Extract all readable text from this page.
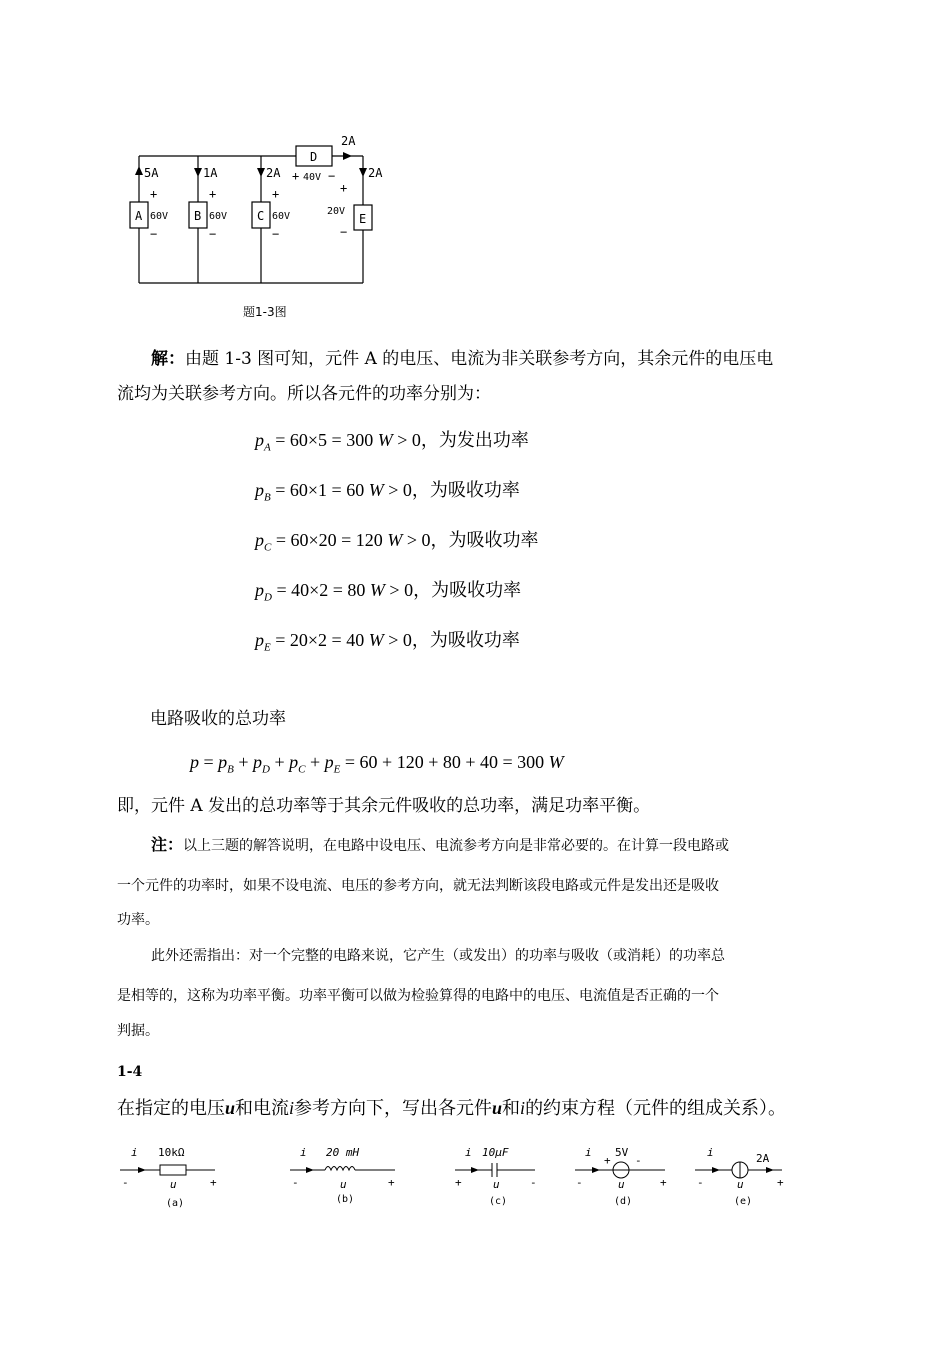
A	B	C
D
E
5A	1A	2A
2A
2A
60V	60V	60V
40V
20V
+	+	+
+
+
−	−	−
−
−
题1-3图
解：由题 1-3 图可知，元件 A 的电压、电流为非关联参考方向，其余元件的电压电
流均为关联参考方向。所以各元件的功率分别为：
$p_A = 60\times 5 = 300$ W > 0，为发出功率
$p_B = 60\times 1 = 60$ W > 0，为吸收功率
$p_C = 60\times 20 = 120$ W > 0，为吸收功率
$p_D = 40\times 2 = 80$ W > 0，为吸收功率
$p_E = 20\times 2 = 40$ W > 0，为吸收功率
电路吸收的总功率
$p = p_B + p_D + p_C + p_E = 60 + 120 + 80 + 40 = 300$ W
即，元件 A 发出的总功率等于其余元件吸收的总功率，满足功率平衡。
注：以上三题的解答说明，在电路中设电压、电流参考方向是非常必要的。在计算一段电路或
一个元件的功率时，如果不设电流、电压的参考方向，就无法判断该段电路或元件是发出还是吸收
功率。
此外还需指出：对一个完整的电路来说，它产生（或发出）的功率与吸收（或消耗）的功率总
是相等的，这称为功率平衡。功率平衡可以做为检验算得的电路中的电压、电流值是否正确的一个
判据。
1-4
在指定的电压u和电流i参考方向下，写出各元件u和i的约束方程（元件的组成关系）。
i	i	i	i	i
10kΩ	20 mH	10μF	5V	2A
u	u	u	u	u
-	+	-	+	+	-	-	+	-	+
+ -
(a)	(b)	(c)	(d)	(e)
